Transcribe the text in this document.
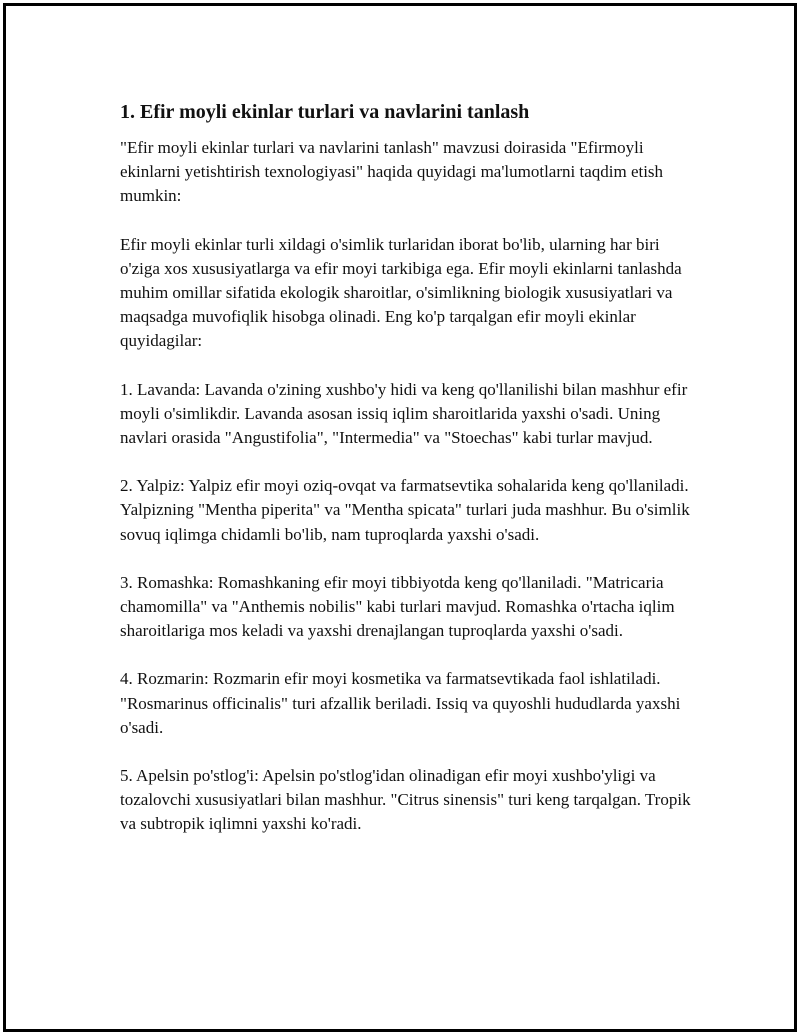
1. Efir moyli ekinlar turlari va navlarini tanlash

"Efir moyli ekinlar turlari va navlarini tanlash" mavzusi doirasida "Efirmoyli ekinlarni yetishtirish texnologiyasi" haqida quyidagi ma'lumotlarni taqdim etish mumkin:

Efir moyli ekinlar turli xildagi o'simlik turlaridan iborat bo'lib, ularning har biri o'ziga xos xususiyatlarga va efir moyi tarkibiga ega. Efir moyli ekinlarni tanlashda muhim omillar sifatida ekologik sharoitlar, o'simlikning biologik xususiyatlari va maqsadga muvofiqlik hisobga olinadi. Eng ko'p tarqalgan efir moyli ekinlar quyidagilar:

1. Lavanda: Lavanda o'zining xushbo'y hidi va keng qo'llanilishi bilan mashhur efir moyli o'simlikdir. Lavanda asosan issiq iqlim sharoitlarida yaxshi o'sadi. Uning navlari orasida "Angustifolia", "Intermedia" va "Stoechas" kabi turlar mavjud.

2. Yalpiz: Yalpiz efir moyi oziq-ovqat va farmatsevtika sohalarida keng qo'llaniladi. Yalpizning "Mentha piperita" va "Mentha spicata" turlari juda mashhur. Bu o'simlik sovuq iqlimga chidamli bo'lib, nam tuproqlarda yaxshi o'sadi.

3. Romashka: Romashkaning efir moyi tibbiyotda keng qo'llaniladi. "Matricaria chamomilla" va "Anthemis nobilis" kabi turlari mavjud. Romashka o'rtacha iqlim sharoitlariga mos keladi va yaxshi drenajlangan tuproqlarda yaxshi o'sadi.

4. Rozmarin: Rozmarin efir moyi kosmetika va farmatsevtikada faol ishlatiladi. "Rosmarinus officinalis" turi afzallik beriladi. Issiq va quyoshli hududlarda yaxshi o'sadi.

5. Apelsin po'stlog'i: Apelsin po'stlog'idan olinadigan efir moyi xushbo'yligi va tozalovchi xususiyatlari bilan mashhur. "Citrus sinensis" turi keng tarqalgan. Tropik va subtropik iqlimni yaxshi ko'radi.
